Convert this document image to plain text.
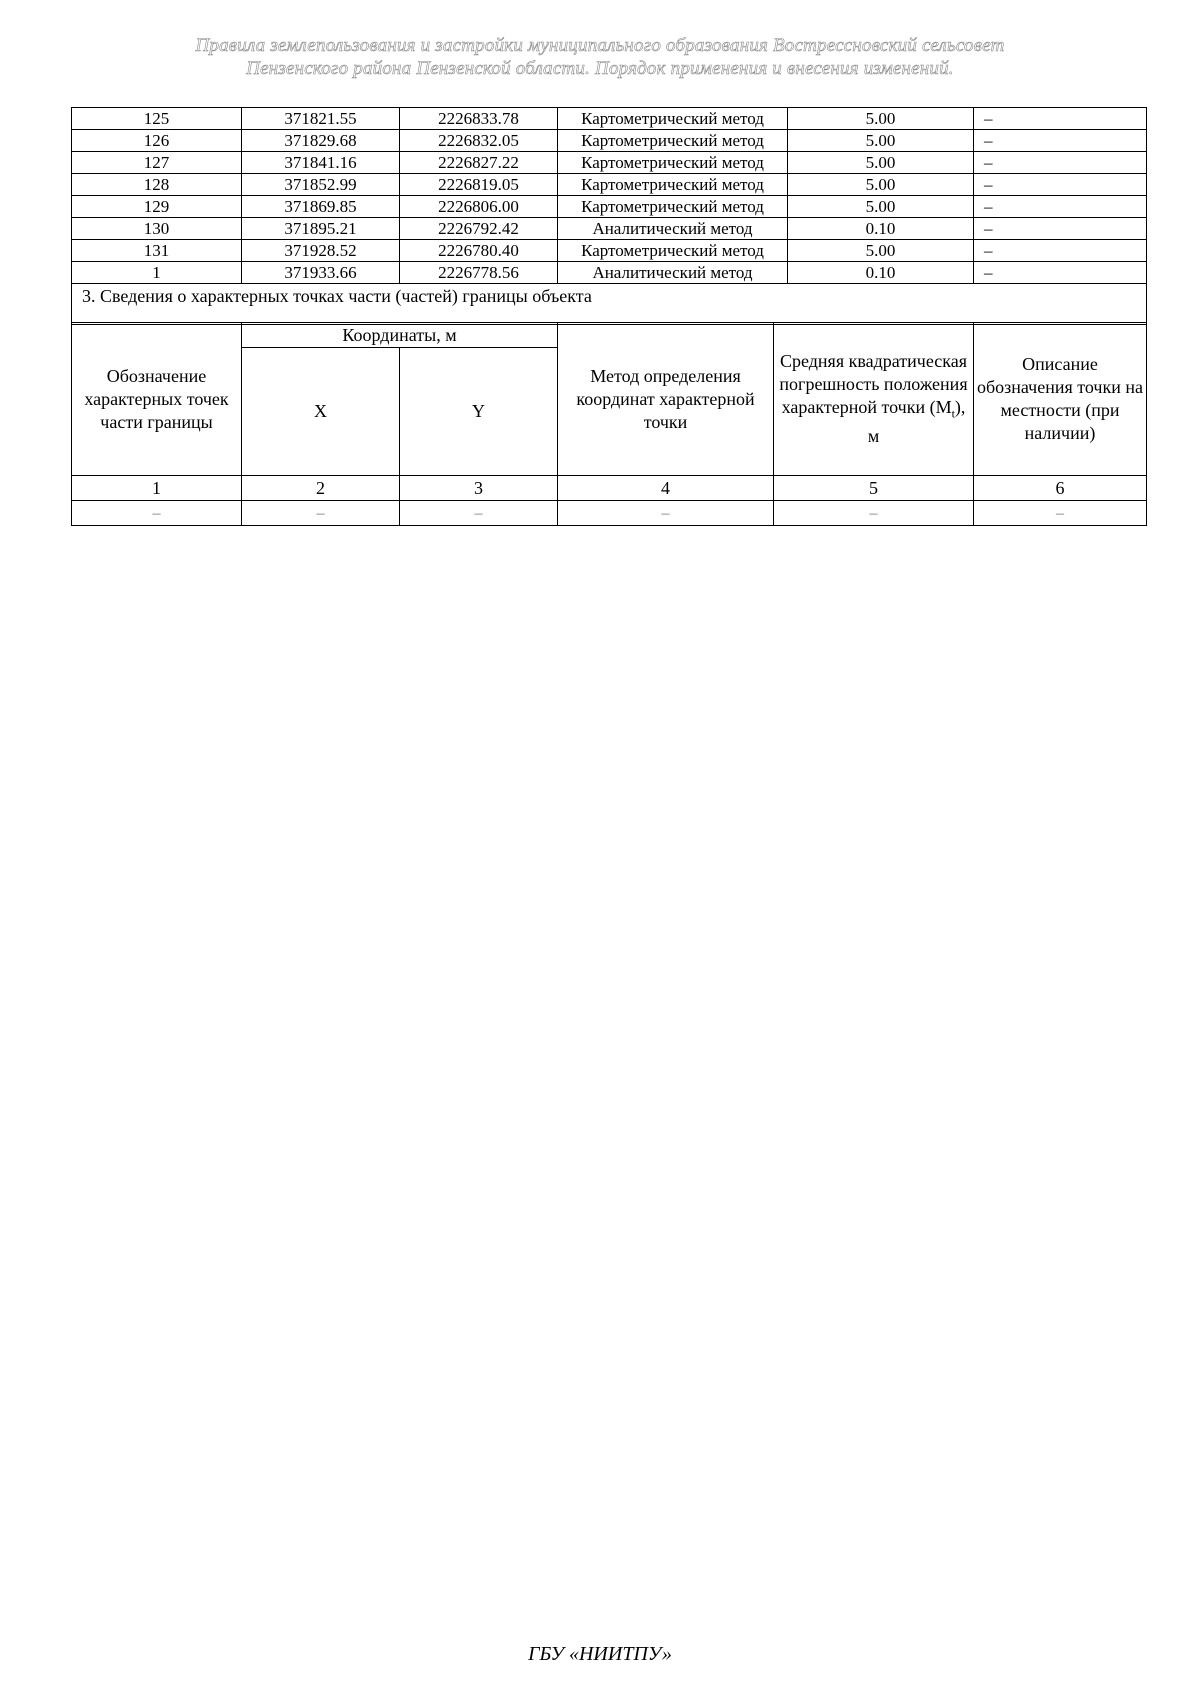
Правила землепользования и застройки муниципального образования Вострессновский сельсовет
Пензенского района Пензенской области. Порядок применения и внесения изменений.
125	371821.55	2226833.78	Картометрический метод	5.00	–
126	371829.68	2226832.05	Картометрический метод	5.00	–
127	371841.16	2226827.22	Картометрический метод	5.00	–
128	371852.99	2226819.05	Картометрический метод	5.00	–
129	371869.85	2226806.00	Картометрический метод	5.00	–
130	371895.21	2226792.42	Аналитический метод	0.10	–
131	371928.52	2226780.40	Картометрический метод	5.00	–
1	371933.66	2226778.56	Аналитический метод	0.10	–
3. Сведения о характерных точках части (частей) границы объекта					
Обозначение характерных точек части границы	Координаты, м		Метод определения координат характерной точки	Средняя квадратическая погрешность положения характерной точки $(M_t)$, м	Описание обозначения точки на местности (при наличии)
	X	Y			
1	2	3	4	5	6
–	–	–	–	–	–
ГБУ «НИИТПУ»
